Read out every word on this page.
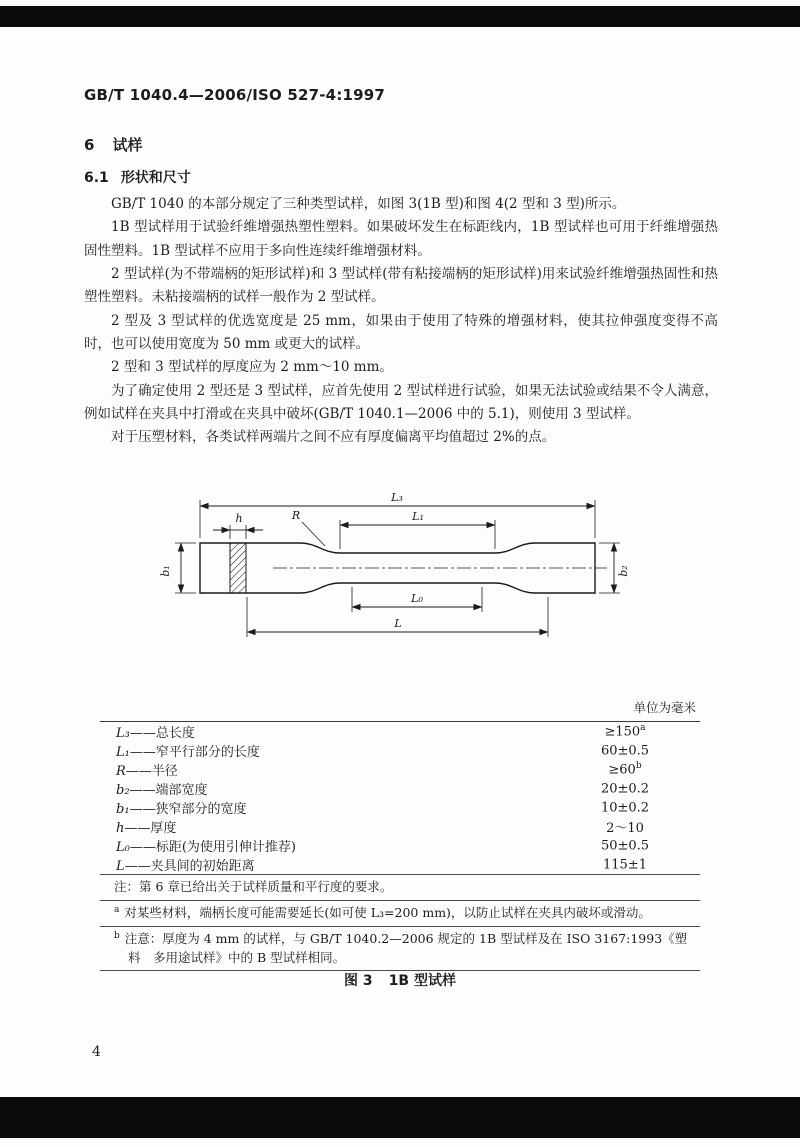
GB/T 1040.4—2006/ISO 527-4:1997
6 试样
6.1 形状和尺寸

GB/T 1040 的本部分规定了三种类型试样，如图 3(1B 型)和图 4(2 型和 3 型)所示。

1B 型试样用于试验纤维增强热塑性塑料。如果破坏发生在标距线内，1B 型试样也可用于纤维增强热固性塑料。1B 型试样不应用于多向性连续纤维增强材料。

2 型试样(为不带端柄的矩形试样)和 3 型试样(带有粘接端柄的矩形试样)用来试验纤维增强热固性和热塑性塑料。未粘接端柄的试样一般作为 2 型试样。

2 型及 3 型试样的优选宽度是 25 mm，如果由于使用了特殊的增强材料，使其拉伸强度变得不高时，也可以使用宽度为 50 mm 或更大的试样。

2 型和 3 型试样的厚度应为 2 mm～10 mm。

为了确定使用 2 型还是 3 型试样，应首先使用 2 型试样进行试验，如果无法试验或结果不令人满意，例如试样在夹具中打滑或在夹具中破坏(GB/T 1040.1—2006 中的 5.1)，则使用 3 型试样。

对于压塑材料，各类试样两端片之间不应有厚度偏离平均值超过 2%的点。

L₃
L₁
h	R
b₁	b₂
L₀
L
单位为毫米
L₃——总长度	$\ge 150^a$
L₁——窄平行部分的长度	60±0.5
R——半径	$\ge 60^b$
b₂——端部宽度	20±0.2
b₁——狭窄部分的宽度	10±0.2
h——厚度	2～10
L₀——标距(为使用引伸计推荐)	50±0.5
L——夹具间的初始距离	115±1
注：第 6 章已给出关于试样质量和平行度的要求。
$^a$ 对某些材料，端柄长度可能需要延长(如可使 L₃=200 mm)，以防止试样在夹具内破坏或滑动。
$^b$ 注意：厚度为 4 mm 的试样，与 GB/T 1040.2—2006 规定的 1B 型试样及在 ISO 3167:1993《塑料　多用途试样》中的 B 型试样相同。
图 3 1B 型试样
4
